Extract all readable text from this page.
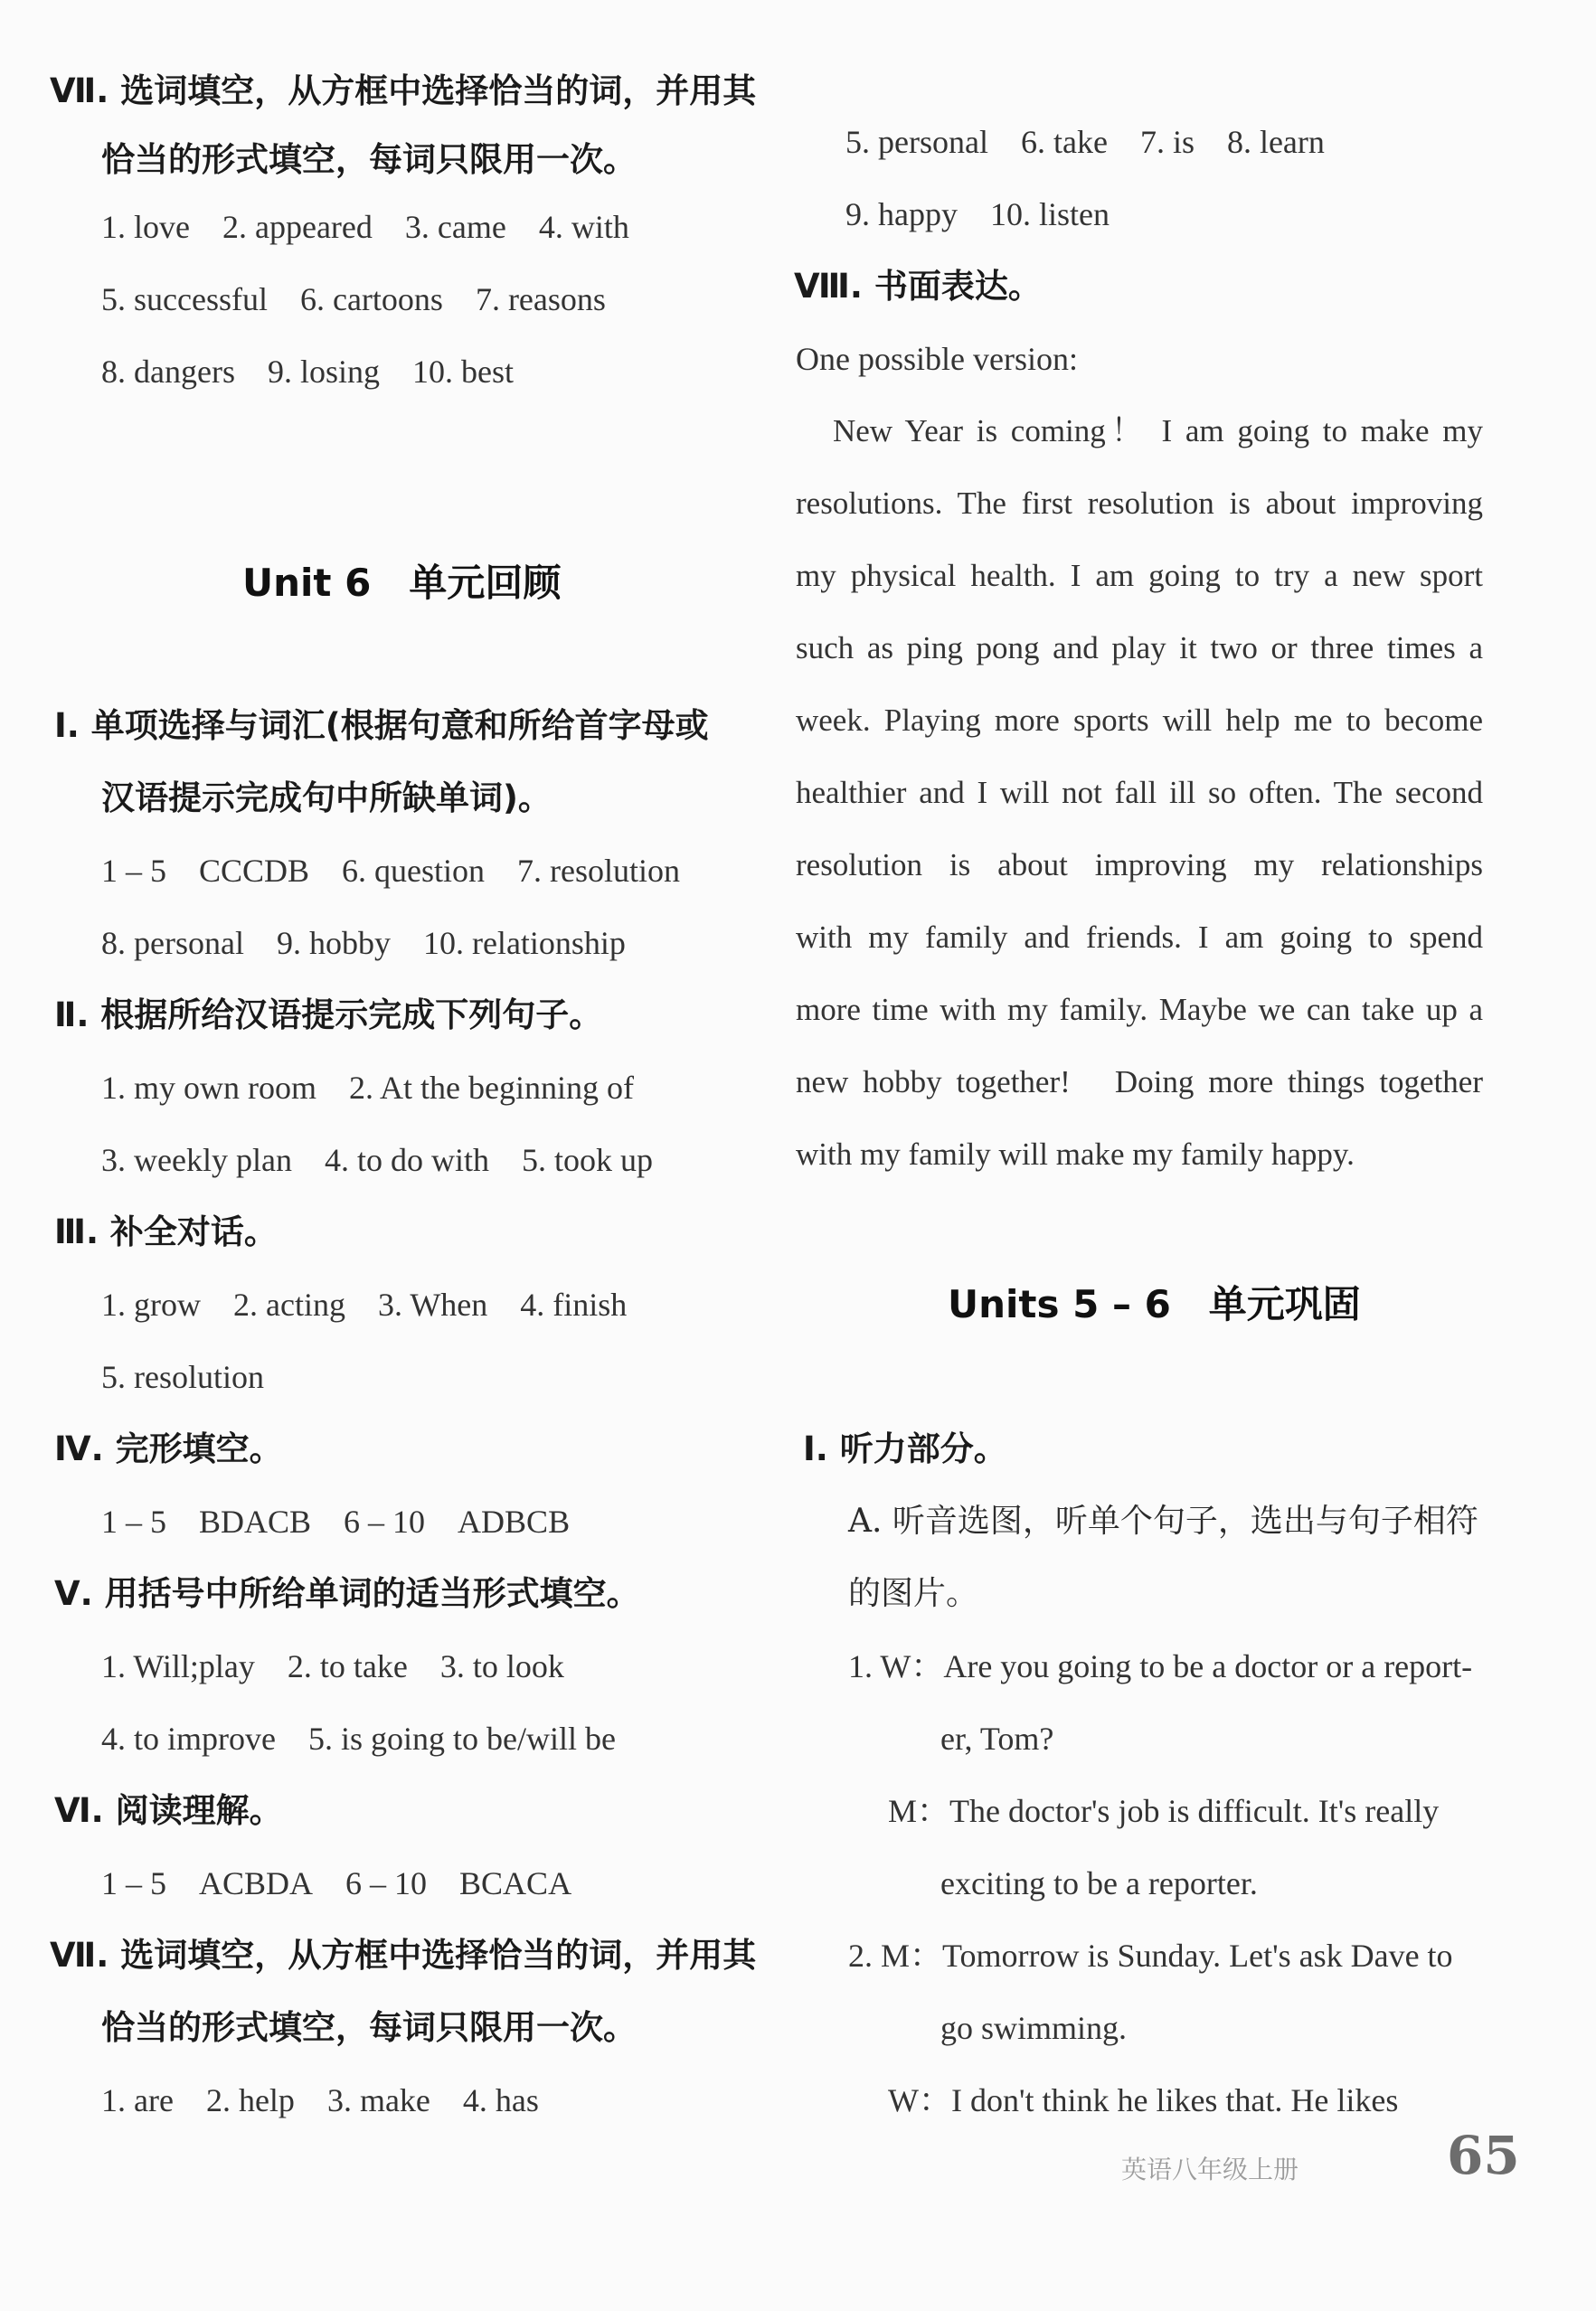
Ⅶ. 选词填空，从方框中选择恰当的词，并用其
恰当的形式填空，每词只限用一次。
1. love 2. appeared 3. came 4. with
5. successful 6. cartoons 7. reasons
8. dangers 9. losing 10. best
Unit 6　单元回顾
Ⅰ. 单项选择与词汇(根据句意和所给首字母或
汉语提示完成句中所缺单词)。
1 – 5　CCCDB 6. question 7. resolution
8. personal 9. hobby 10. relationship
Ⅱ. 根据所给汉语提示完成下列句子。
1. my own room 2. At the beginning of
3. weekly plan 4. to do with 5. took up
Ⅲ. 补全对话。
1. grow 2. acting 3. When 4. finish
5. resolution
Ⅳ. 完形填空。
1 – 5　BDACB 6 – 10　ADBCB
Ⅴ. 用括号中所给单词的适当形式填空。
1. Will;play 2. to take 3. to look
4. to improve 5. is going to be/will be
Ⅵ. 阅读理解。
1 – 5　ACBDA 6 – 10　BCACA
Ⅶ. 选词填空，从方框中选择恰当的词，并用其
恰当的形式填空，每词只限用一次。
1. are 2. help 3. make 4. has
5. personal 6. take 7. is 8. learn
9. happy 10. listen
Ⅷ. 书面表达。
One possible version:
　New Year is coming！ I am going to make my
resolutions. The first resolution is about improving
my physical health. I am going to try a new sport
such as ping pong and play it two or three times a
week. Playing more sports will help me to become
healthier and I will not fall ill so often. The second
resolution is about improving my relationships
with my family and friends. I am going to spend
more time with my family. Maybe we can take up a
new hobby together!　Doing more things together
with my family will make my family happy.
Units 5 – 6　单元巩固
Ⅰ. 听力部分。
A. 听音选图，听单个句子，选出与句子相符
的图片。
1. W：Are you going to be a doctor or a report-
er, Tom?
M：The doctor's job is difficult. It's really
exciting to be a reporter.
2. M：Tomorrow is Sunday. Let's ask Dave to
go swimming.
W：I don't think he likes that. He likes
英语八年级上册	65
